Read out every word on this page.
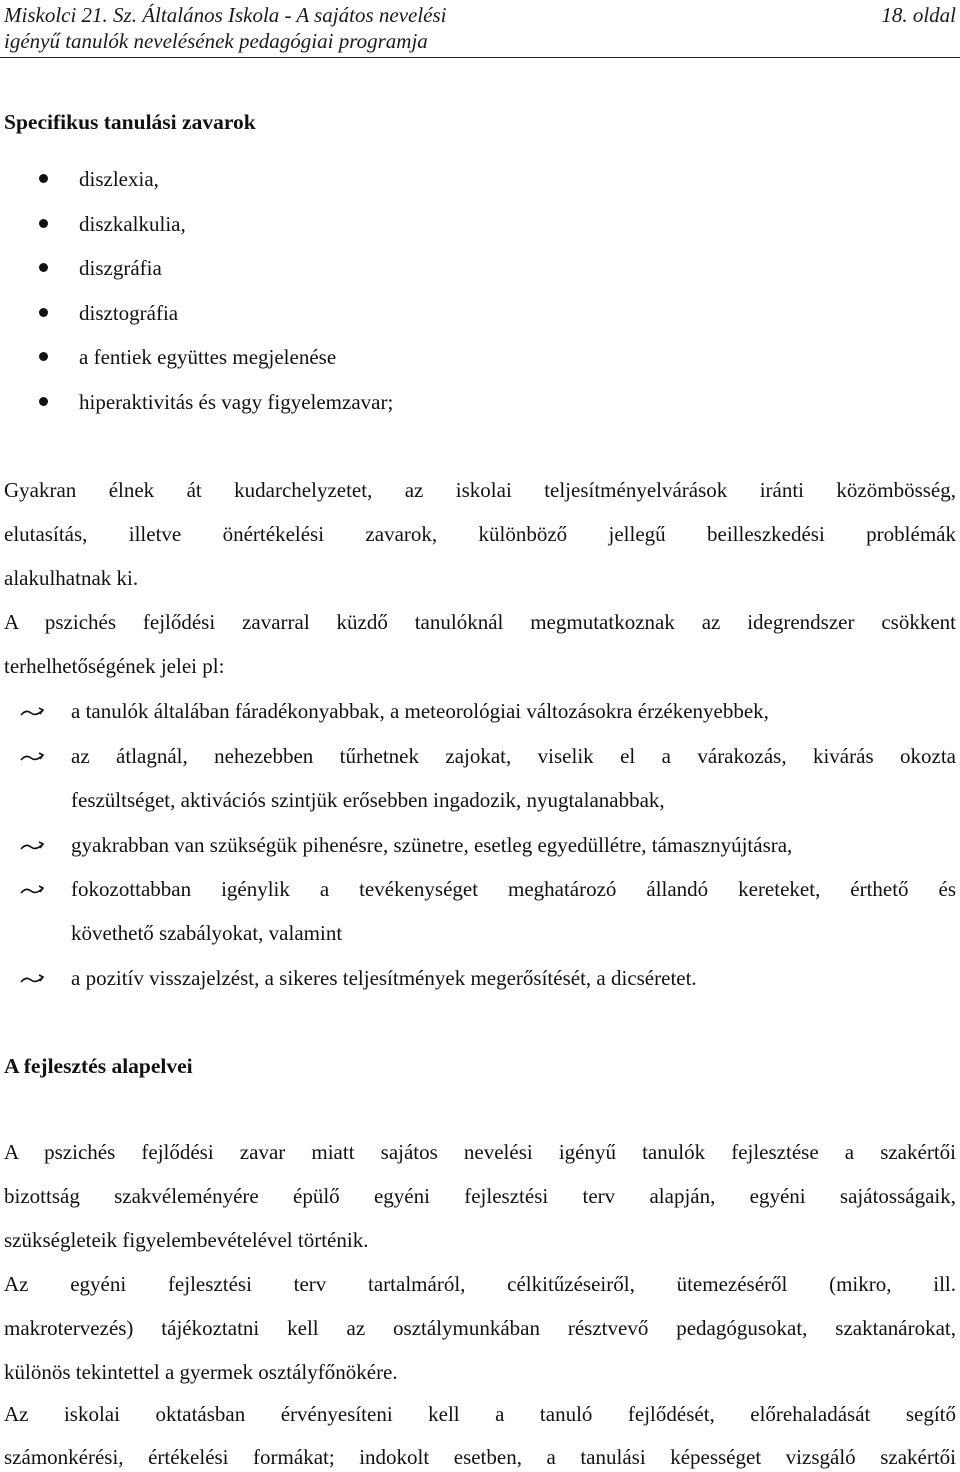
Miskolci 21. Sz. Általános Iskola - A sajátos nevelési
igényű tanulók nevelésének pedagógiai programja
18. oldal
Specifikus tanulási zavarok
diszlexia,
diszkalkulia,
diszgráfia
disztográfia
a fentiek együttes megjelenése
hiperaktivitás és vagy figyelemzavar;
Gyakran élnek át kudarchelyzetet, az iskolai teljesítményelvárások iránti közömbösség,
elutasítás, illetve önértékelési zavarok, különböző jellegű beilleszkedési problémák
alakulhatnak ki.
A pszichés fejlődési zavarral küzdő tanulóknál megmutatkoznak az idegrendszer csökkent
terhelhetőségének jelei pl:
a tanulók általában fáradékonyabbak, a meteorológiai változásokra érzékenyebbek,
az átlagnál, nehezebben tűrhetnek zajokat, viselik el a várakozás, kivárás okozta
feszültséget, aktivációs szintjük erősebben ingadozik, nyugtalanabbak,
gyakrabban van szükségük pihenésre, szünetre, esetleg egyedüllétre, támasznyújtásra,
fokozottabban igénylik a tevékenységet meghatározó állandó kereteket, érthető és
követhető szabályokat, valamint
a pozitív visszajelzést, a sikeres teljesítmények megerősítését, a dicséretet.
A fejlesztés alapelvei
A pszichés fejlődési zavar miatt sajátos nevelési igényű tanulók fejlesztése a szakértői
bizottság szakvéleményére épülő egyéni fejlesztési terv alapján, egyéni sajátosságaik,
szükségleteik figyelembevételével történik.
Az egyéni fejlesztési terv tartalmáról, célkitűzéseiről, ütemezéséről (mikro, ill.
makrotervezés) tájékoztatni kell az osztálymunkában résztvevő pedagógusokat, szaktanárokat,
különös tekintettel a gyermek osztályfőnökére.
Az iskolai oktatásban érvényesíteni kell a tanuló fejlődését, előrehaladását segítő
számonkérési, értékelési formákat; indokolt esetben, a tanulási képességet vizsgáló szakértői
